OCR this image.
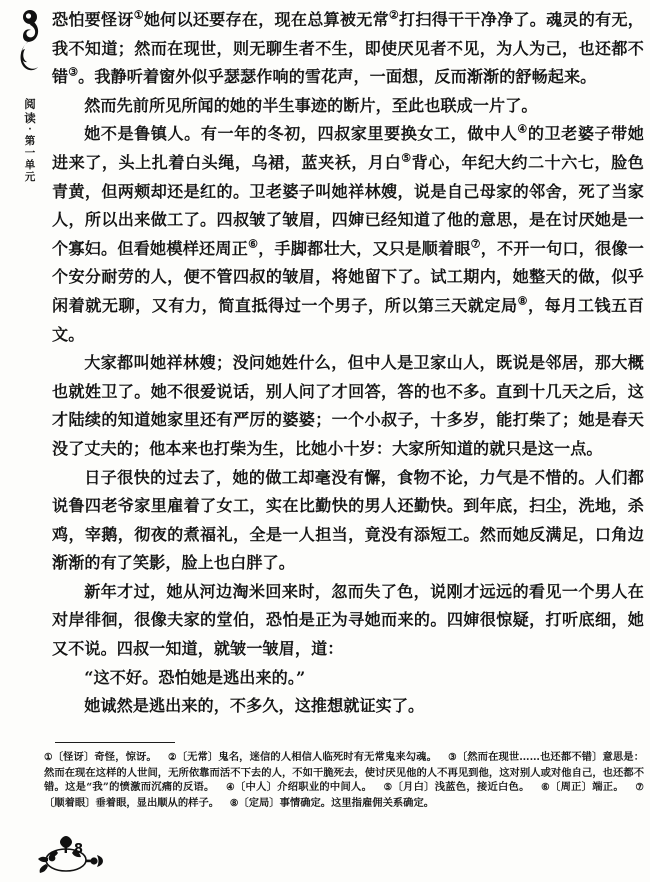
阅
读
·
第
一
单
元

恐怕要怪讶①她何以还要存在，现在总算被无常②打扫得干干净净了。魂灵的有无，我不知道；然而在现世，则无聊生者不生，即使厌见者不见，为人为己，也还都不错③。我静听着窗外似乎瑟瑟作响的雪花声，一面想，反而渐渐的舒畅起来。

然而先前所见所闻的她的半生事迹的断片，至此也联成一片了。

她不是鲁镇人。有一年的冬初，四叔家里要换女工，做中人④的卫老婆子带她进来了，头上扎着白头绳，乌裙，蓝夹袄，月白⑤背心，年纪大约二十六七，脸色青黄，但两颊却还是红的。卫老婆子叫她祥林嫂，说是自己母家的邻舍，死了当家人，所以出来做工了。四叔皱了皱眉，四婶已经知道了他的意思，是在讨厌她是一个寡妇。但看她模样还周正⑥，手脚都壮大，又只是顺着眼⑦，不开一句口，很像一个安分耐劳的人，便不管四叔的皱眉，将她留下了。试工期内，她整天的做，似乎闲着就无聊，又有力，简直抵得过一个男子，所以第三天就定局⑧，每月工钱五百文。

大家都叫她祥林嫂；没问她姓什么，但中人是卫家山人，既说是邻居，那大概也就姓卫了。她不很爱说话，别人问了才回答，答的也不多。直到十几天之后，这才陆续的知道她家里还有严厉的婆婆；一个小叔子，十多岁，能打柴了；她是春天没了丈夫的；他本来也打柴为生，比她小十岁：大家所知道的就只是这一点。

日子很快的过去了，她的做工却毫没有懈，食物不论，力气是不惜的。人们都说鲁四老爷家里雇着了女工，实在比勤快的男人还勤快。到年底，扫尘，洗地，杀鸡，宰鹅，彻夜的煮福礼，全是一人担当，竟没有添短工。然而她反满足，口角边渐渐的有了笑影，脸上也白胖了。

新年才过，她从河边淘米回来时，忽而失了色，说刚才远远的看见一个男人在对岸徘徊，很像夫家的堂伯，恐怕是正为寻她而来的。四婶很惊疑，打听底细，她又不说。四叔一知道，就皱一皱眉，道：

“这不好。恐怕她是逃出来的。”

她诚然是逃出来的，不多久，这推想就证实了。

①〔怪讶〕奇怪，惊讶。 ②〔无常〕鬼名，迷信的人相信人临死时有无常鬼来勾魂。 ③〔然而在现世……也还都不错〕意思是：然而在现在这样的人世间，无所依靠而活不下去的人，不如干脆死去，使讨厌见他的人不再见到他，这对别人或对他自己，也还都不错。这是“我”的愤激而沉痛的反语。 ④〔中人〕介绍职业的中间人。 ⑤〔月白〕浅蓝色，接近白色。 ⑥〔周正〕端正。 ⑦〔顺着眼〕垂着眼，显出顺从的样子。 ⑧〔定局〕事情确定。这里指雇佣关系确定。
8
